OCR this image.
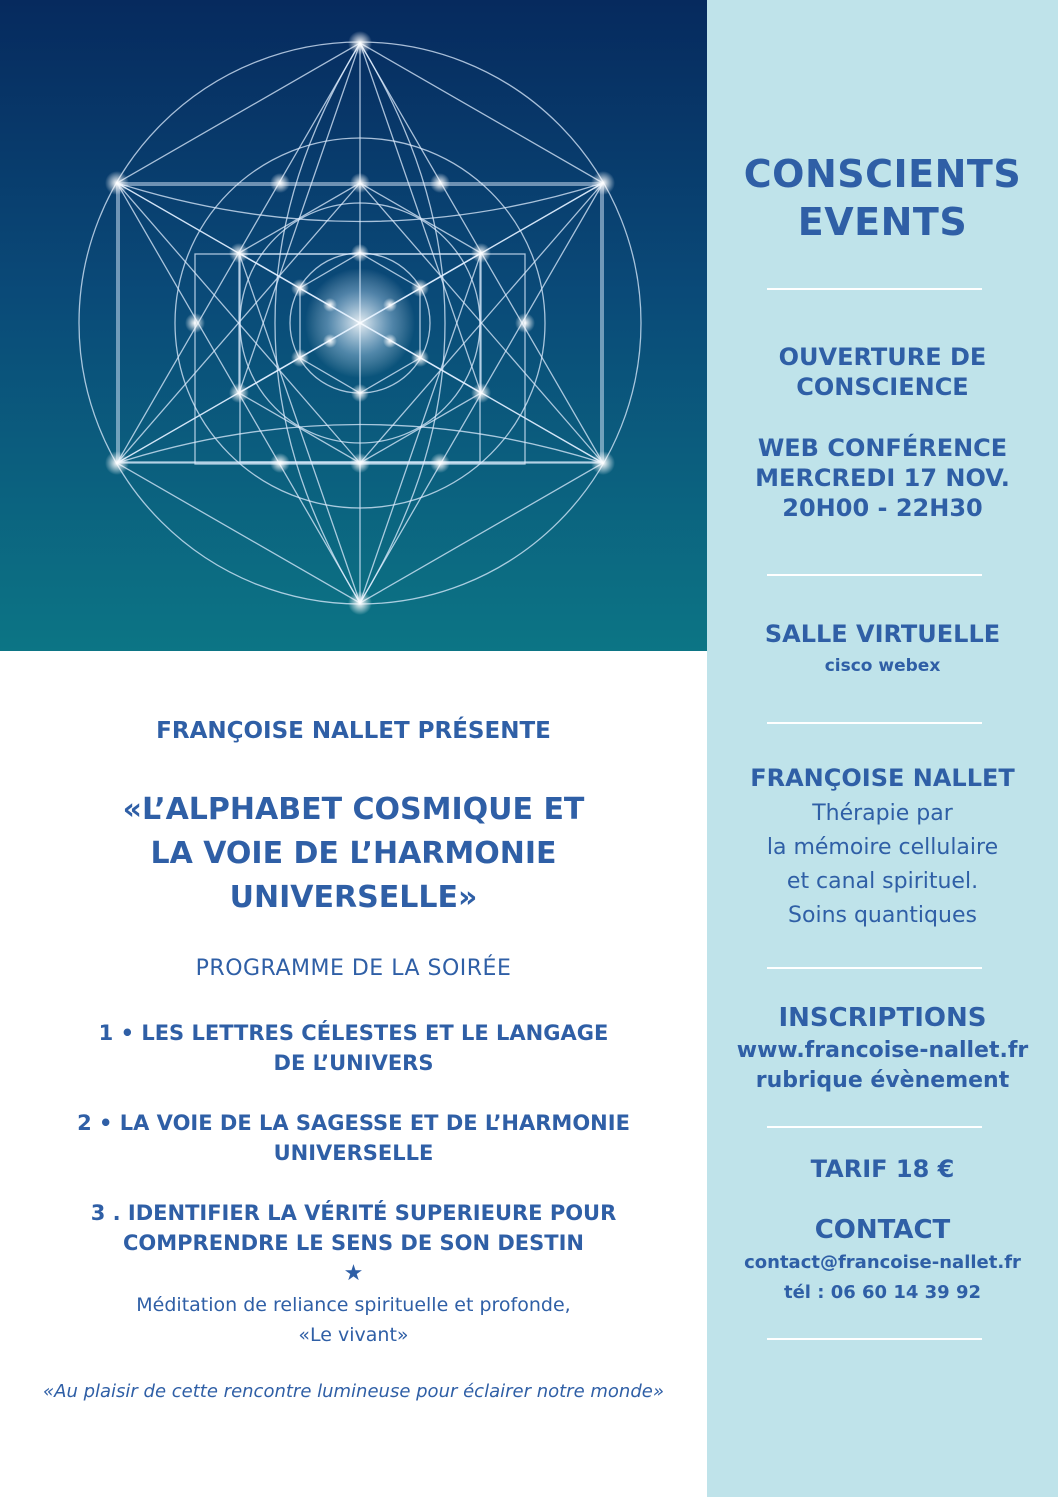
CONSCIENTS
EVENTS
OUVERTURE DE
CONSCIENCE
WEB CONFÉRENCE
MERCREDI 17 NOV.
20H00 - 22H30
SALLE VIRTUELLE
cisco webex
FRANÇOISE NALLET
Thérapie par
la mémoire cellulaire
et canal spirituel.
Soins quantiques
INSCRIPTIONS
www.francoise-nallet.fr
rubrique évènement
TARIF 18 €
CONTACT
contact@francoise-nallet.fr
tél : 06 60 14 39 92
FRANÇOISE NALLET PRÉSENTE
«L’ALPHABET COSMIQUE ET
LA VOIE DE L’HARMONIE
UNIVERSELLE»
PROGRAMME DE LA SOIRÉE
1 • LES LETTRES CÉLESTES ET LE LANGAGE
DE L’UNIVERS
2 • LA VOIE DE LA SAGESSE ET DE L’HARMONIE
UNIVERSELLE
3 . IDENTIFIER LA VÉRITÉ SUPERIEURE POUR
COMPRENDRE LE SENS DE SON DESTIN
★
Méditation de reliance spirituelle et profonde,
«Le vivant»
«Au plaisir de cette rencontre lumineuse pour éclairer notre monde»
